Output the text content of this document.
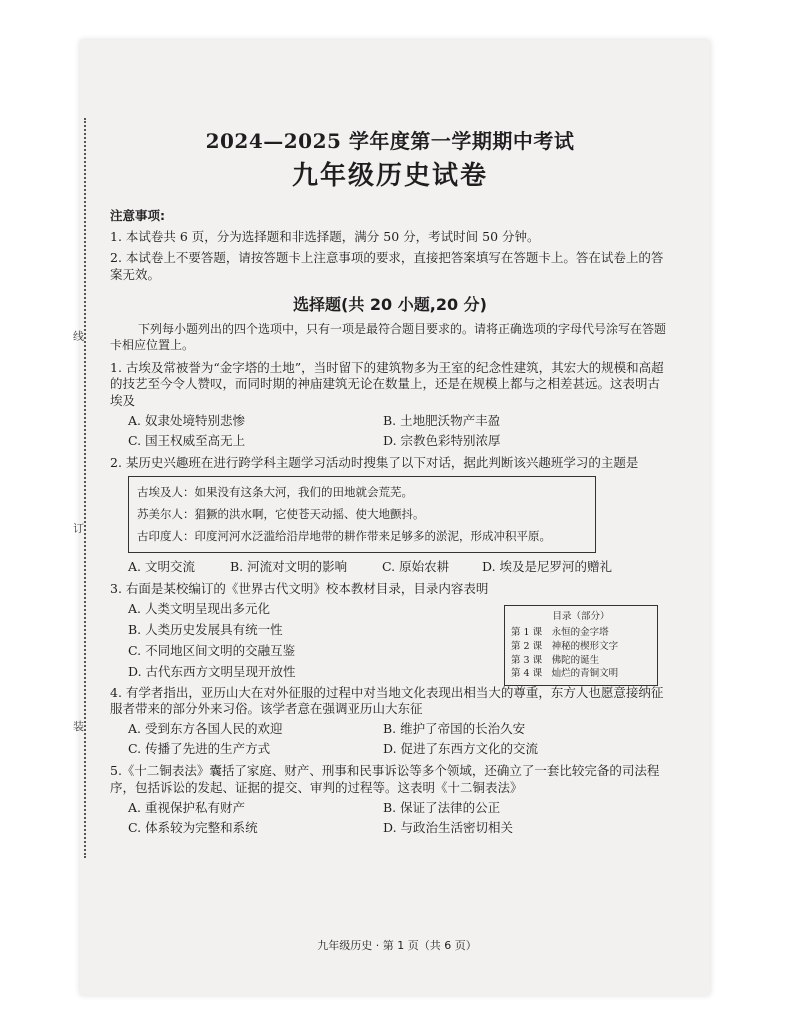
线
订
装
2024—2025 学年度第一学期期中考试
九年级历史试卷
注意事项:

1. 本试卷共 6 页，分为选择题和非选择题，满分 50 分，考试时间 50 分钟。

2. 本试卷上不要答题，请按答题卡上注意事项的要求，直接把答案填写在答题卡上。答在试卷上的答案无效。

选择题(共 20 小题,20 分)

下列每小题列出的四个选项中，只有一项是最符合题目要求的。请将正确选项的字母代号涂写在答题卡相应位置上。

1. 古埃及常被誉为“金字塔的土地”，当时留下的建筑物多为王室的纪念性建筑，其宏大的规模和高超的技艺至今令人赞叹，而同时期的神庙建筑无论在数量上，还是在规模上都与之相差甚远。这表明古埃及

A. 奴隶处境特别悲惨	B. 土地肥沃物产丰盈
C. 国王权威至高无上	D. 宗教色彩特别浓厚

2. 某历史兴趣班在进行跨学科主题学习活动时搜集了以下对话，据此判断该兴趣班学习的主题是

古埃及人：如果没有这条大河，我们的田地就会荒芜。
苏美尔人：猖獗的洪水啊，它使苍天动摇、使大地颤抖。
古印度人：印度河河水泛滥给沿岸地带的耕作带来足够多的淤泥，形成冲积平原。
A. 文明交流	B. 河流对文明的影响	C. 原始农耕	D. 埃及是尼罗河的赠礼

3. 右面是某校编订的《世界古代文明》校本教材目录，目录内容表明

A. 人类文明呈现出多元化
B. 人类历史发展具有统一性
C. 不同地区间文明的交融互鉴
D. 古代东西方文明呈现开放性
目录（部分）
第 1 课　永恒的金字塔
第 2 课　神秘的楔形文字
第 3 课　佛陀的诞生
第 4 课　灿烂的青铜文明

4. 有学者指出，亚历山大在对外征服的过程中对当地文化表现出相当大的尊重，东方人也愿意接纳征服者带来的部分外来习俗。该学者意在强调亚历山大东征

A. 受到东方各国人民的欢迎	B. 维护了帝国的长治久安
C. 传播了先进的生产方式	D. 促进了东西方文化的交流

5.《十二铜表法》囊括了家庭、财产、刑事和民事诉讼等多个领域，还确立了一套比较完备的司法程序，包括诉讼的发起、证据的提交、审判的过程等。这表明《十二铜表法》

A. 重视保护私有财产	B. 保证了法律的公正
C. 体系较为完整和系统	D. 与政治生活密切相关
九年级历史 · 第 1 页（共 6 页）
